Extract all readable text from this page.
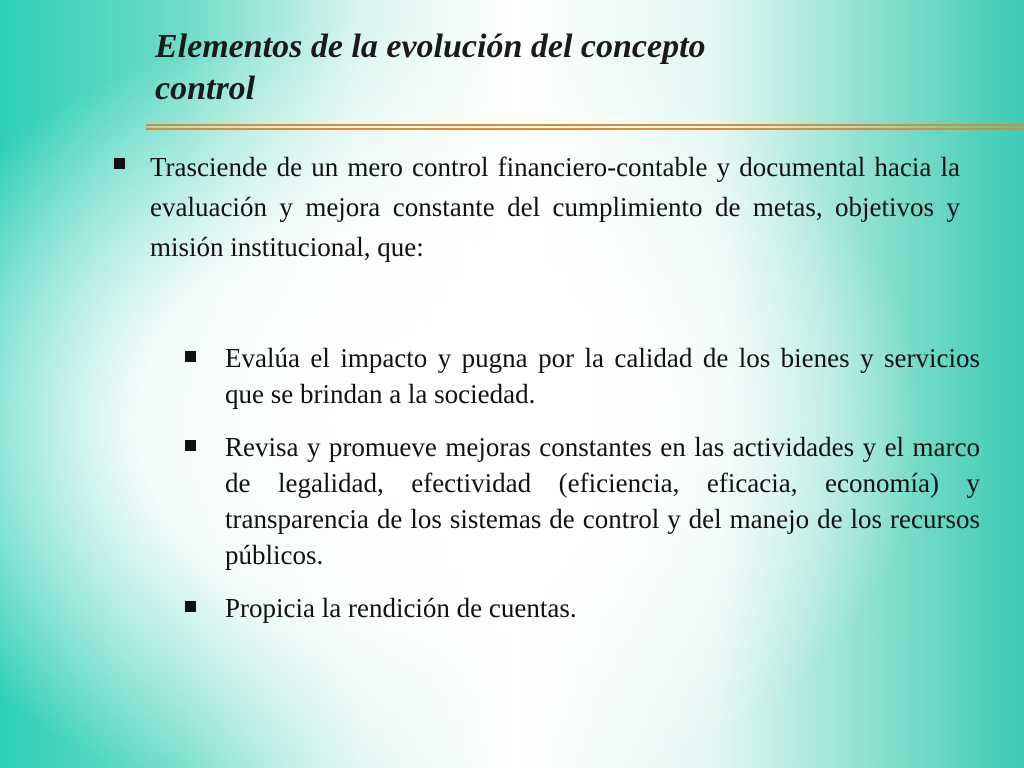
Elementos de la evolución del concepto
control
Trasciende de un mero control financiero-contable y documental hacia la evaluación y mejora constante del cumplimiento de metas, objetivos y misión institucional, que:
Evalúa el impacto y pugna por la calidad de los bienes y servicios que se brindan a la sociedad.
Revisa y promueve mejoras constantes en las actividades y el marco de legalidad, efectividad (eficiencia, eficacia, economía) y transparencia de los sistemas de control y del manejo de los recursos públicos.
Propicia la rendición de cuentas.
